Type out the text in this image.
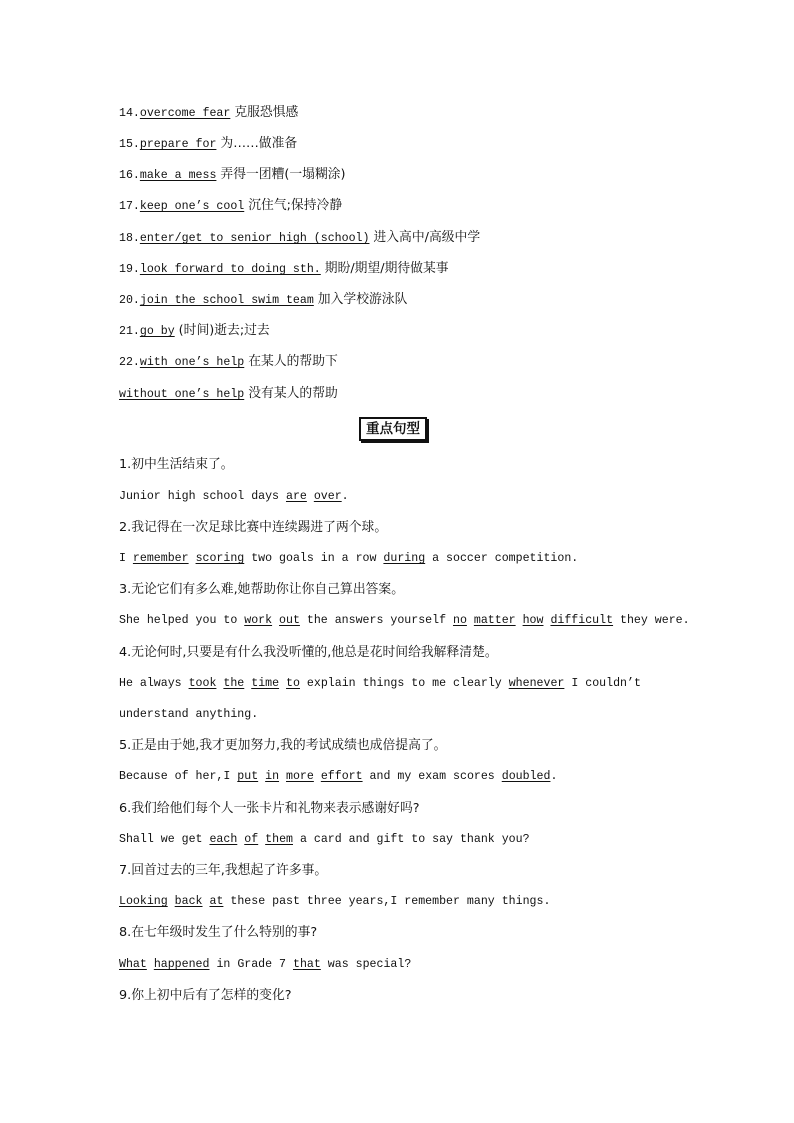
14.overcome fear 克服恐惧感
15.prepare for 为……做准备
16.make a mess 弄得一团糟(一塌糊涂)
17.keep one’s cool 沉住气;保持冷静
18.enter/get to senior high (school) 进入高中/高级中学
19.look forward to doing sth. 期盼/期望/期待做某事
20.join the school swim team 加入学校游泳队
21.go by (时间)逝去;过去
22.with one’s help 在某人的帮助下
without one’s help 没有某人的帮助
重点句型
1.初中生活结束了。
Junior high school days are over.
2.我记得在一次足球比赛中连续踢进了两个球。
I remember scoring two goals in a row during a soccer competition.
3.无论它们有多么难,她帮助你让你自己算出答案。
She helped you to work out the answers yourself no matter how difficult they were.
4.无论何时,只要是有什么我没听懂的,他总是花时间给我解释清楚。
He always took the time to explain things to me clearly whenever I couldn’t
understand anything.
5.正是由于她,我才更加努力,我的考试成绩也成倍提高了。
Because of her,I put in more effort and my exam scores doubled.
6.我们给他们每个人一张卡片和礼物来表示感谢好吗?
Shall we get each of them a card and gift to say thank you?
7.回首过去的三年,我想起了许多事。
Looking back at these past three years,I remember many things.
8.在七年级时发生了什么特别的事?
What happened in Grade 7 that was special?
9.你上初中后有了怎样的变化?
